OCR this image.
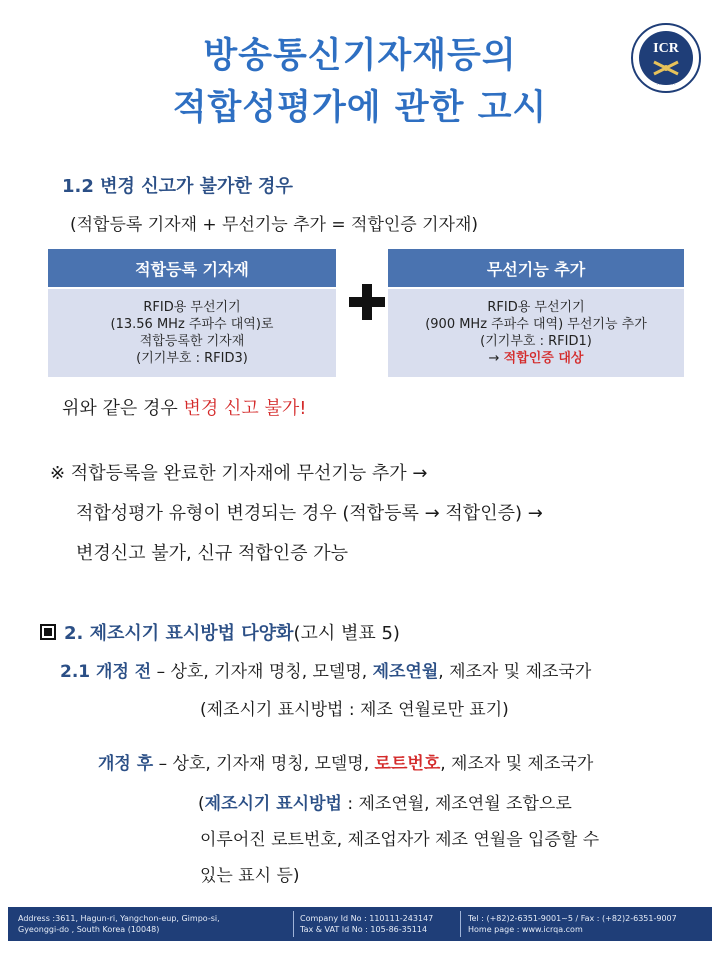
방송통신기자재등의
적합성평가에 관한 고시
ICR
· · · · · · · ·
1.2 변경 신고가 불가한 경우
(적합등록 기자재 + 무선기능 추가 = 적합인증 기자재)
적합등록 기자재
RFID용 무선기기
(13.56 MHz 주파수 대역)로
적합등록한 기자재
(기기부호 : RFID3)
무선기능 추가
RFID용 무선기기
(900 MHz 주파수 대역) 무선기능 추가
(기기부호 : RFID1)
→ 적합인증 대상
위와 같은 경우 변경 신고 불가!
※ 적합등록을 완료한 기자재에 무선기능 추가 →
적합성평가 유형이 변경되는 경우 (적합등록 → 적합인증) →
변경신고 불가, 신규 적합인증 가능
2. 제조시기 표시방법 다양화(고시 별표 5)
2.1 개정 전 – 상호, 기자재 명칭, 모델명, 제조연월, 제조자 및 제조국가
(제조시기 표시방법 : 제조 연월로만 표기)
개정 후 – 상호, 기자재 명칭, 모델명, 로트번호, 제조자 및 제조국가
(제조시기 표시방법 : 제조연월, 제조연월 조합으로
이루어진 로트번호, 제조업자가 제조 연월을 입증할 수
있는 표시 등)
Address :3611, Hagun-ri, Yangchon-eup, Gimpo-si,
Gyeonggi-do , South Korea (10048)
Company Id No : 110111-243147
Tax & VAT Id No : 105-86-35114
Tel : (+82)2-6351-9001~5 / Fax : (+82)2-6351-9007
Home page : www.icrqa.com
